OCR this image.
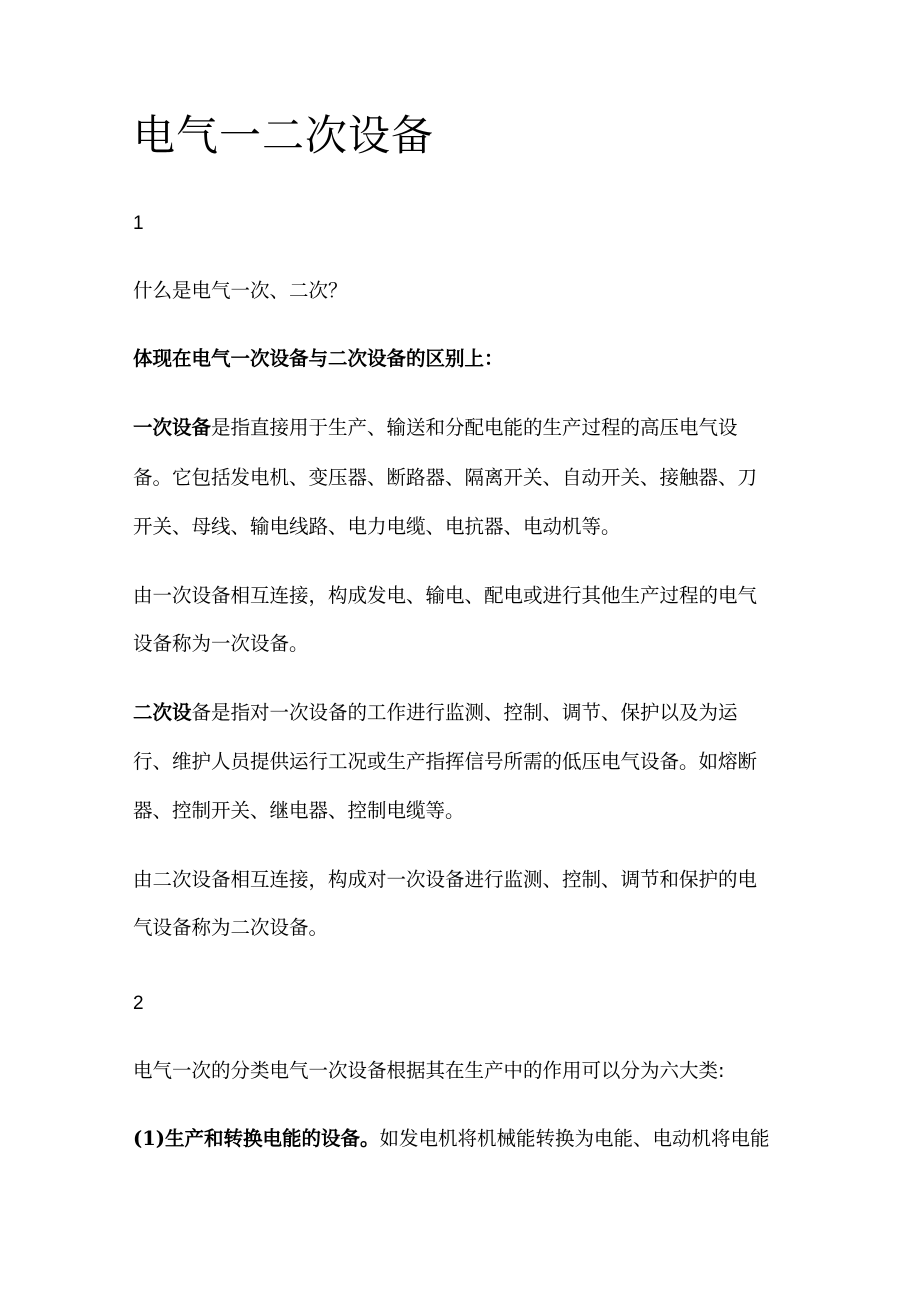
电气一二次设备
1
什么是电气一次、二次？
体现在电气一次设备与二次设备的区别上：
一次设备是指直接用于生产、输送和分配电能的生产过程的高压电气设
备。它包括发电机、变压器、断路器、隔离开关、自动开关、接触器、刀
开关、母线、输电线路、电力电缆、电抗器、电动机等。
由一次设备相互连接，构成发电、输电、配电或进行其他生产过程的电气
设备称为一次设备。
二次设备是指对一次设备的工作进行监测、控制、调节、保护以及为运
行、维护人员提供运行工况或生产指挥信号所需的低压电气设备。如熔断
器、控制开关、继电器、控制电缆等。
由二次设备相互连接，构成对一次设备进行监测、控制、调节和保护的电
气设备称为二次设备。
2
电气一次的分类电气一次设备根据其在生产中的作用可以分为六大类:
(1)生产和转换电能的设备。如发电机将机械能转换为电能、电动机将电能
